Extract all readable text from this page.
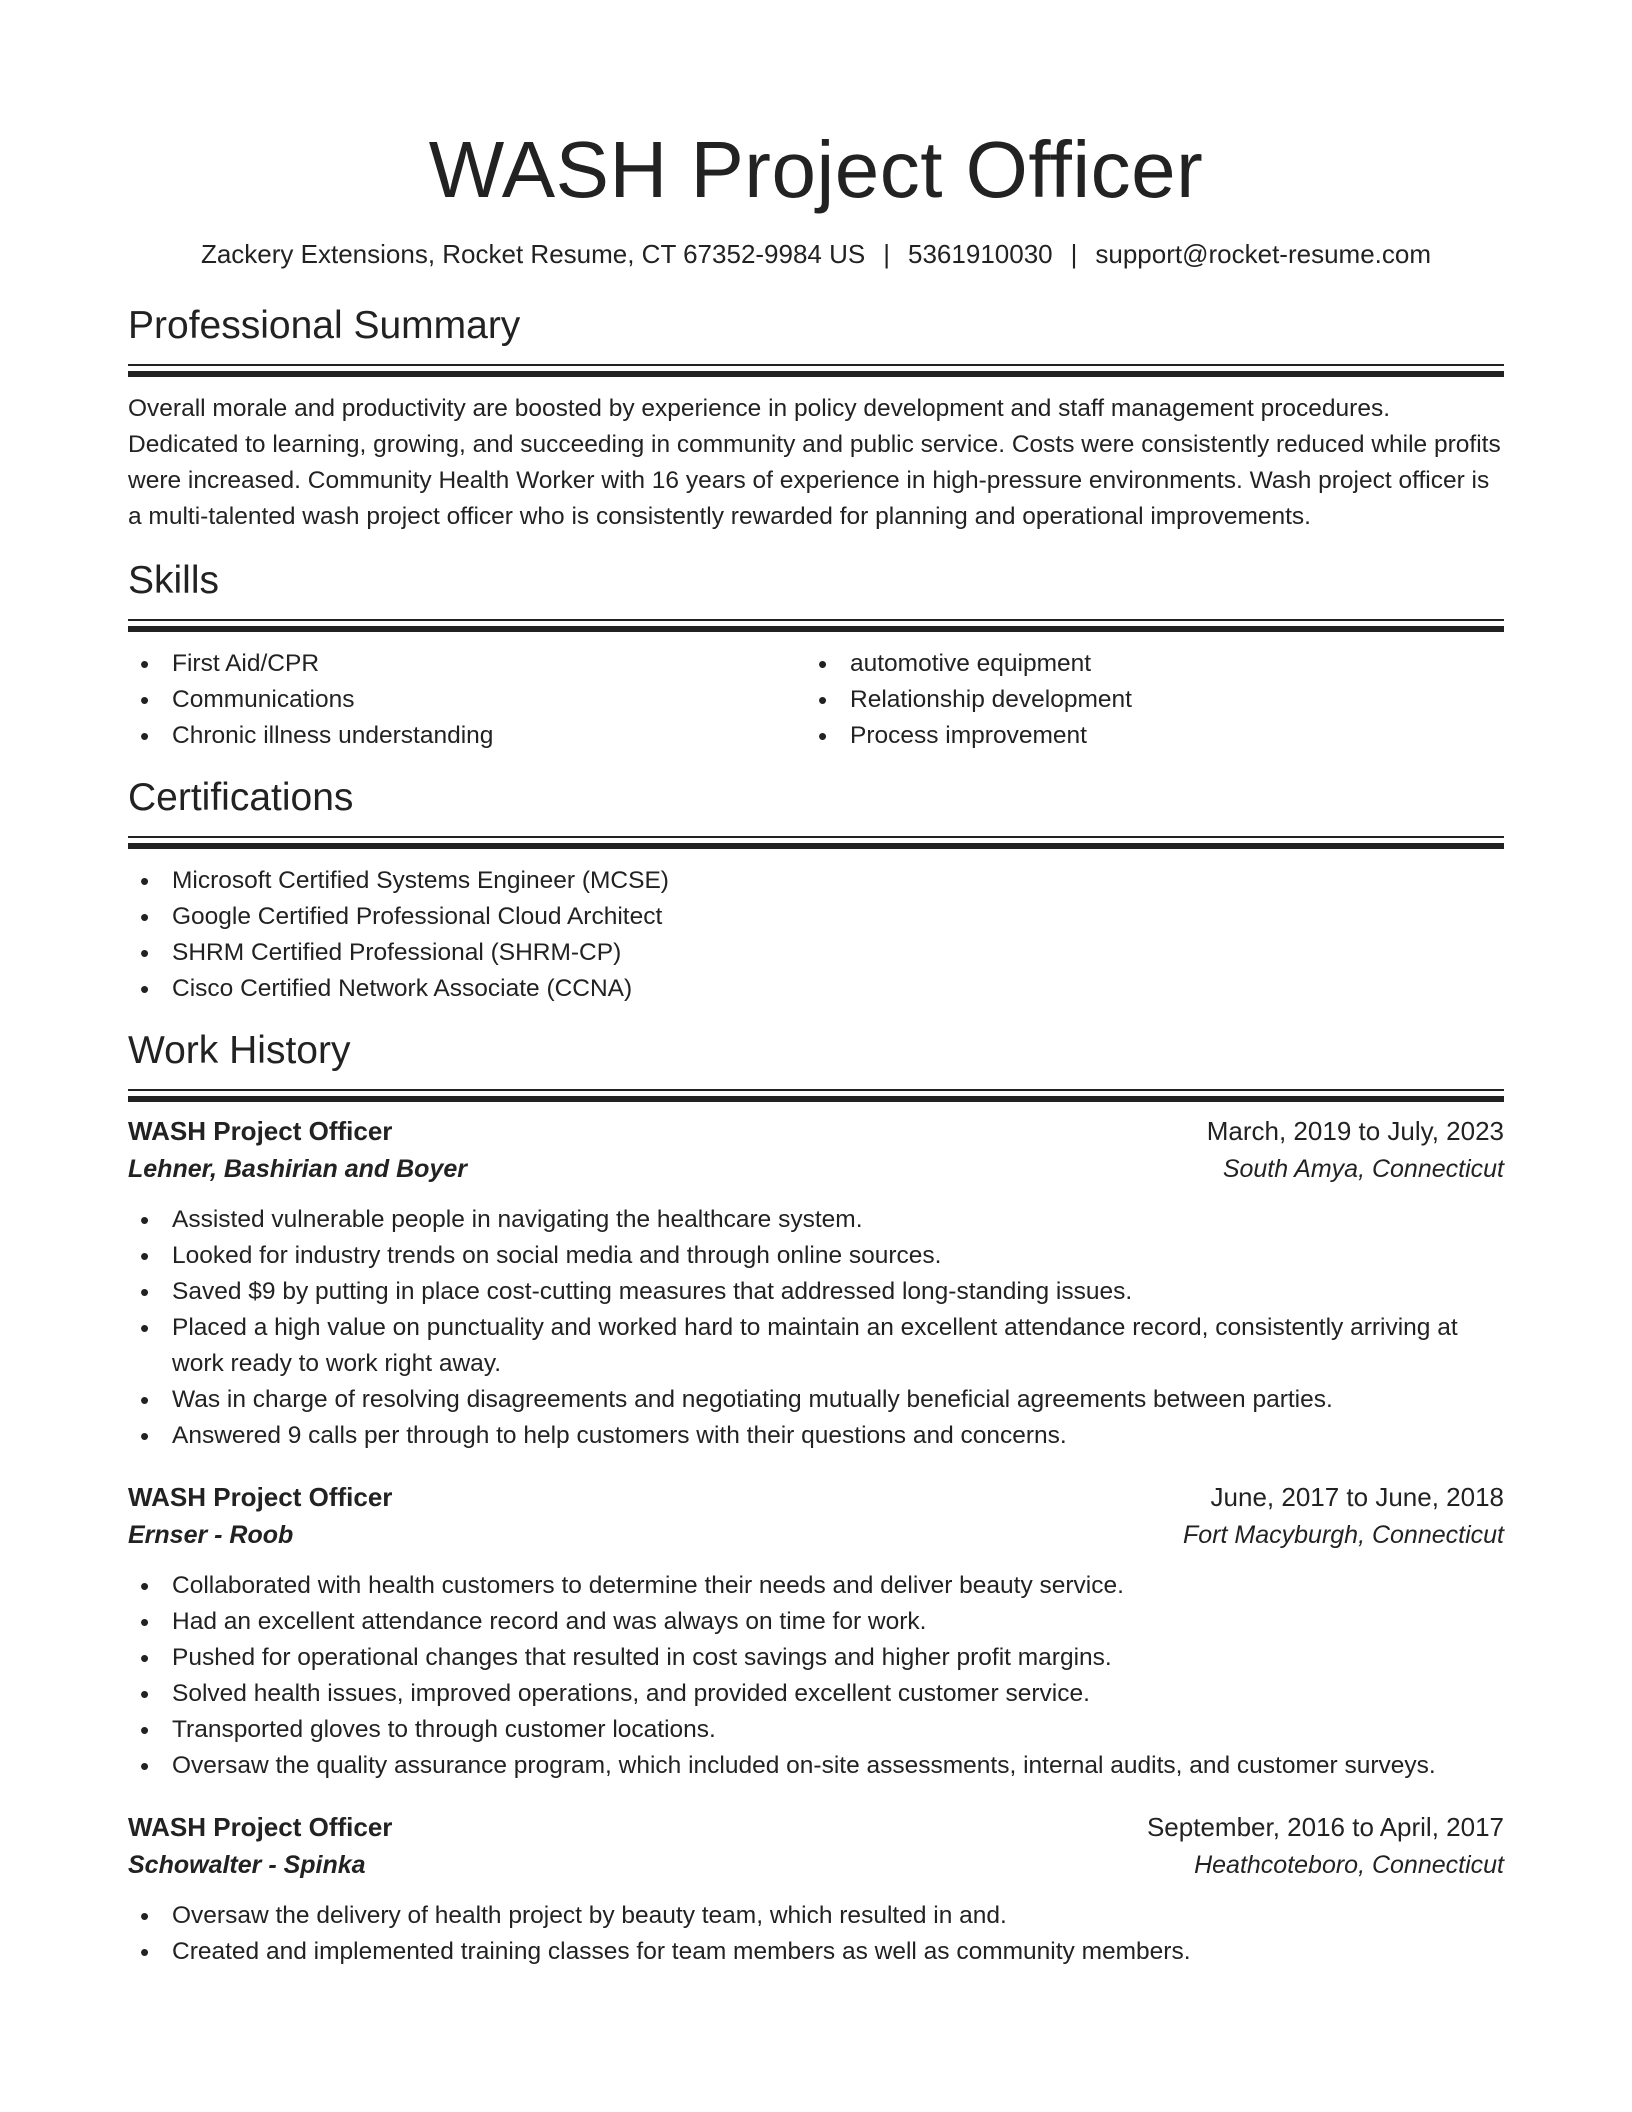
WASH Project Officer
Zackery Extensions, Rocket Resume, CT 67352-9984 US | 5361910030 | support@rocket-resume.com
Professional Summary

Overall morale and productivity are boosted by experience in policy development and staff management procedures. Dedicated to learning, growing, and succeeding in community and public service. Costs were consistently reduced while profits were increased. Community Health Worker with 16 years of experience in high-pressure environments. Wash project officer is a multi-talented wash project officer who is consistently rewarded for planning and operational improvements.

Skills
• First Aid/CPR
• Communications
• Chronic illness understanding
• automotive equipment
• Relationship development
• Process improvement
Certifications
• Microsoft Certified Systems Engineer (MCSE)
• Google Certified Professional Cloud Architect
• SHRM Certified Professional (SHRM-CP)
• Cisco Certified Network Associate (CCNA)
Work History
WASH Project Officer	March, 2019 to July, 2023
Lehner, Bashirian and Boyer	South Amya, Connecticut
• Assisted vulnerable people in navigating the healthcare system.
• Looked for industry trends on social media and through online sources.
• Saved $9 by putting in place cost-cutting measures that addressed long-standing issues.
• Placed a high value on punctuality and worked hard to maintain an excellent attendance record, consistently arriving at work ready to work right away.
• Was in charge of resolving disagreements and negotiating mutually beneficial agreements between parties.
• Answered 9 calls per through to help customers with their questions and concerns.
WASH Project Officer	June, 2017 to June, 2018
Ernser - Roob	Fort Macyburgh, Connecticut
• Collaborated with health customers to determine their needs and deliver beauty service.
• Had an excellent attendance record and was always on time for work.
• Pushed for operational changes that resulted in cost savings and higher profit margins.
• Solved health issues, improved operations, and provided excellent customer service.
• Transported gloves to through customer locations.
• Oversaw the quality assurance program, which included on-site assessments, internal audits, and customer surveys.
WASH Project Officer	September, 2016 to April, 2017
Schowalter - Spinka	Heathcoteboro, Connecticut
• Oversaw the delivery of health project by beauty team, which resulted in and.
• Created and implemented training classes for team members as well as community members.
